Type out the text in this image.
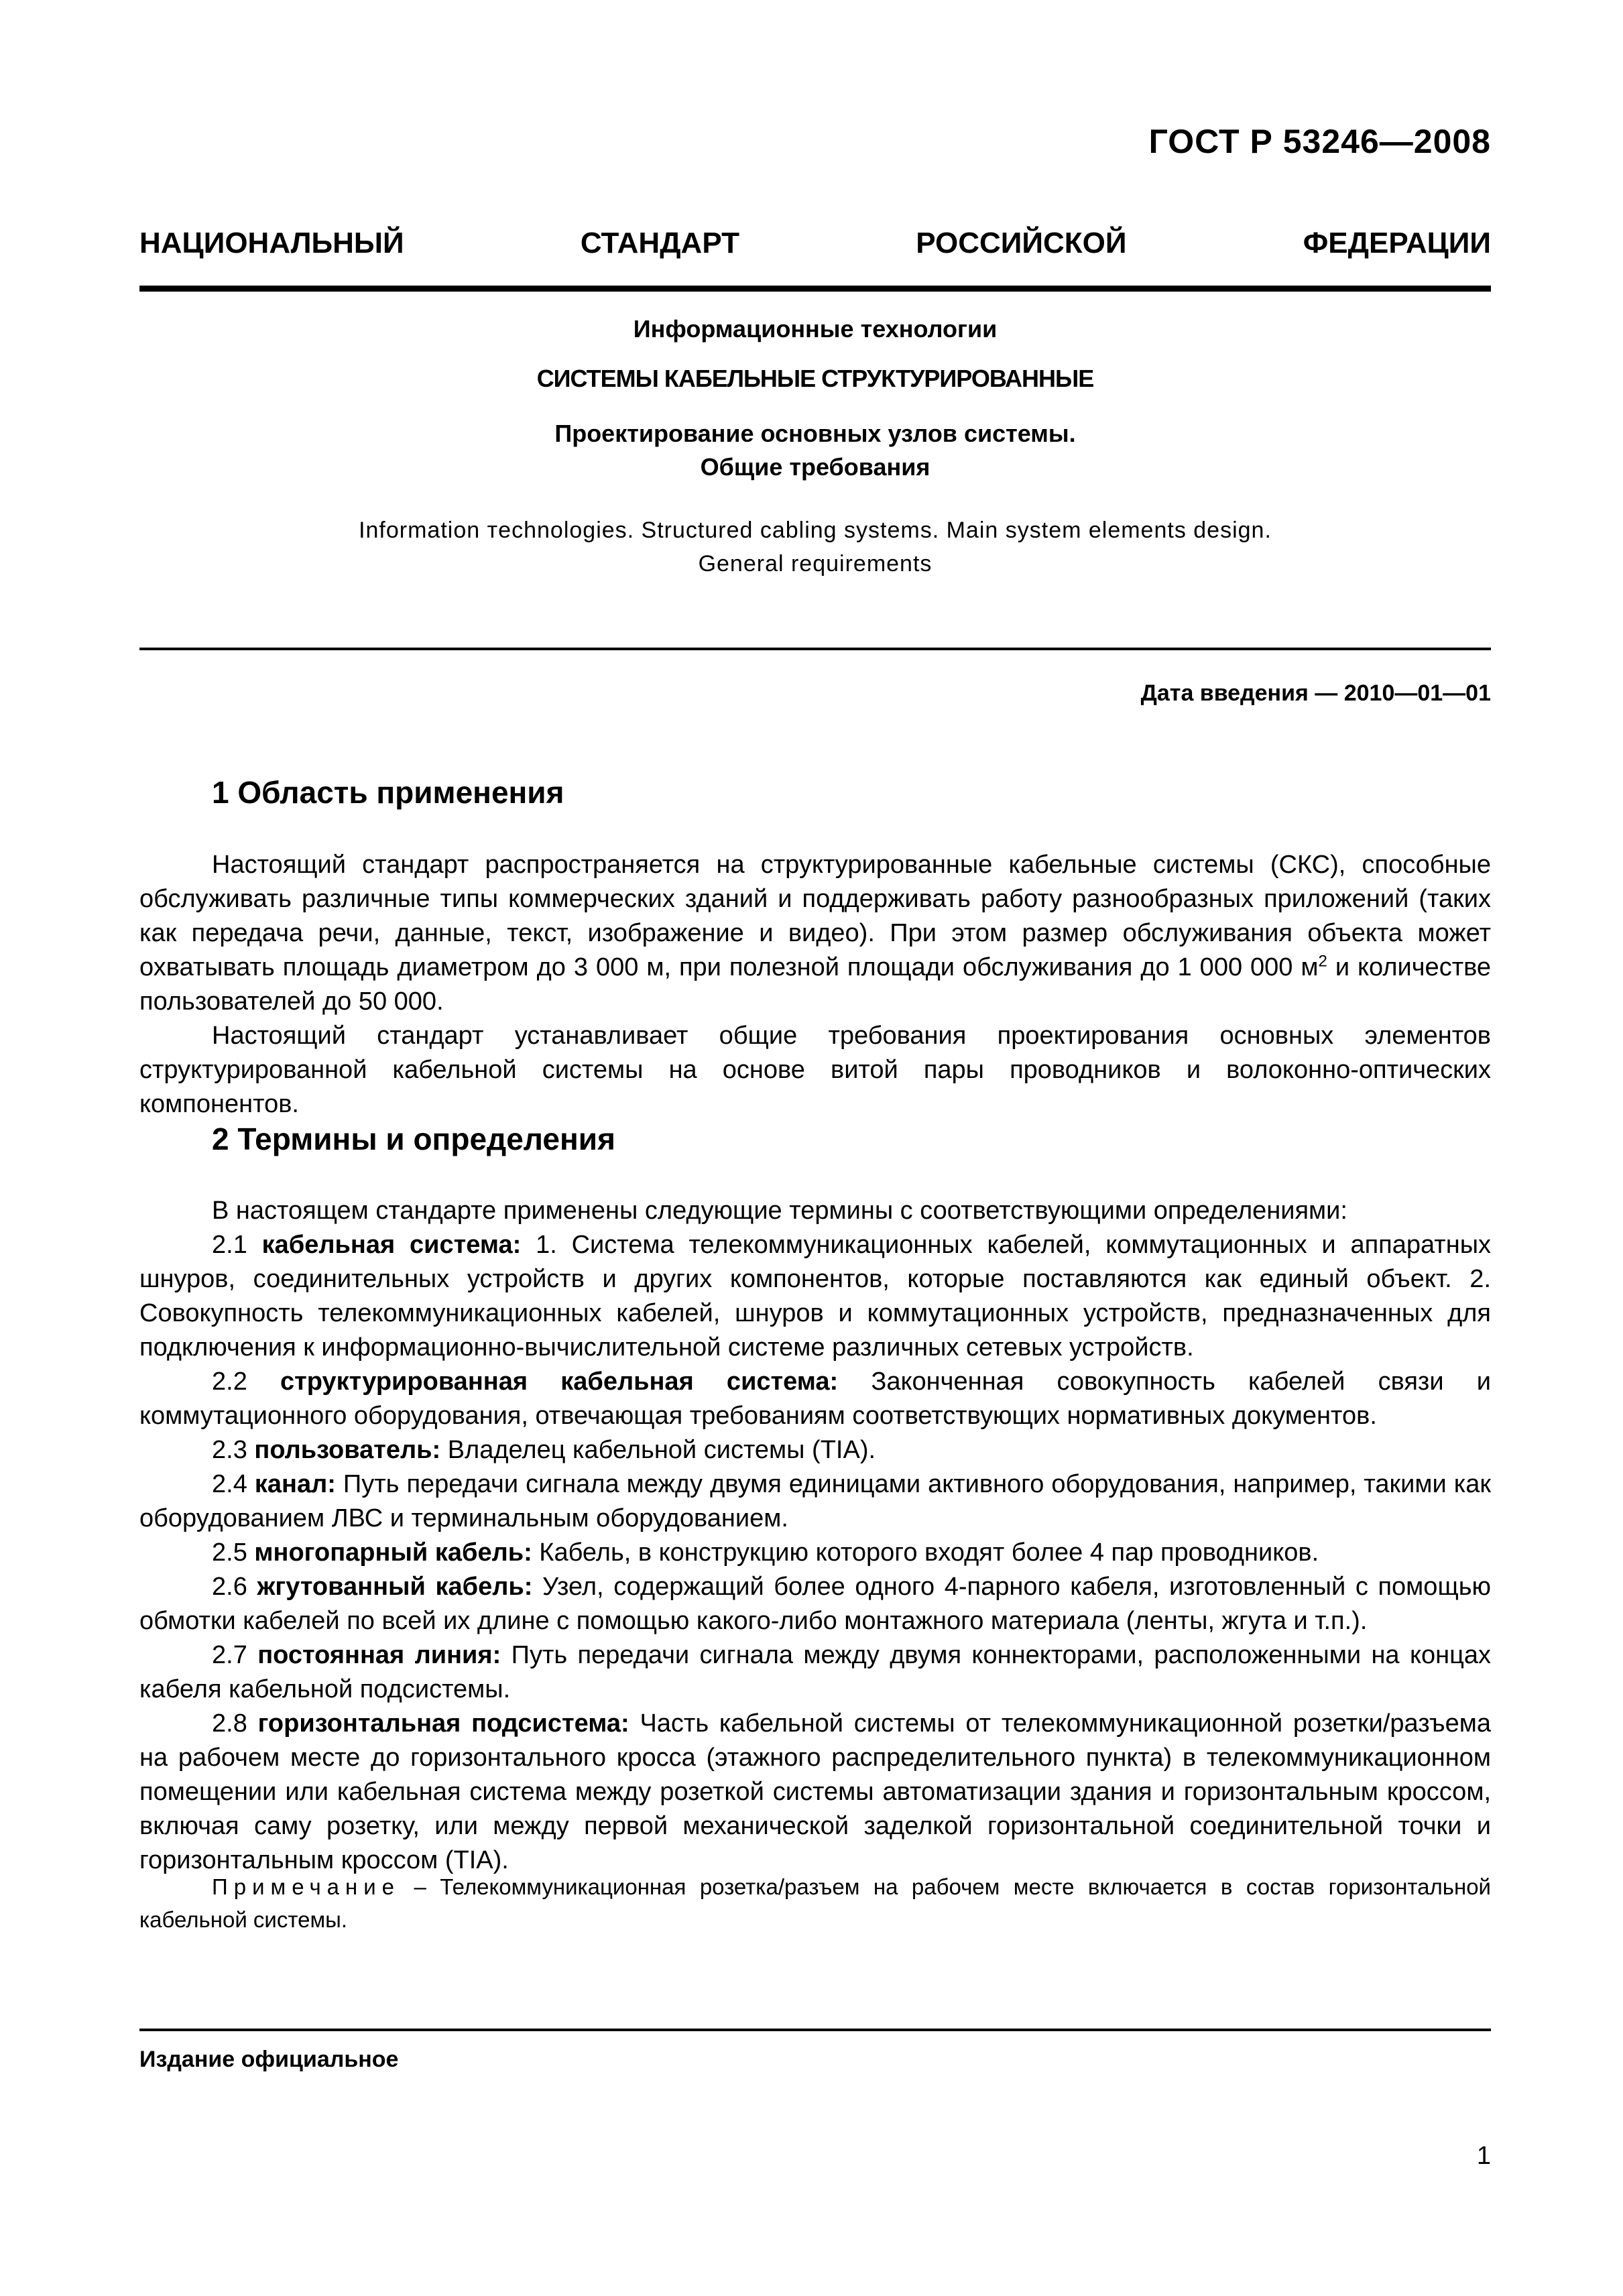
ГОСТ Р 53246—2008
НАЦИОНАЛЬНЫЙ СТАНДАРТ РОССИЙСКОЙ ФЕДЕРАЦИИ
Информационные технологии
СИСТЕМЫ КАБЕЛЬНЫЕ СТРУКТУРИРОВАННЫЕ
Проектирование основных узлов системы.
Общие требования
Information тechnologies. Structured cabling systems. Main system elements design.
General requirements
Дата введения — 2010—01—01
1 Область применения

Настоящий стандарт распространяется на структурированные кабельные системы (СКС), способные обслуживать различные типы коммерческих зданий и поддерживать работу разнообразных приложений (таких как передача речи, данные, текст, изображение и видео). При этом размер обслуживания объекта может охватывать площадь диаметром до 3 000 м, при полезной площади обслуживания до 1 000 000 $м^2$ и количестве пользователей до 50 000.

Настоящий стандарт устанавливает общие требования проектирования основных элементов структурированной кабельной системы на основе витой пары проводников и волоконно-оптических компонентов.

2 Термины и определения

В настоящем стандарте применены следующие термины с соответствующими определениями:

2.1 кабельная система: 1. Система телекоммуникационных кабелей, коммутационных и аппаратных шнуров, соединительных устройств и других компонентов, которые поставляются как единый объект. 2. Совокупность телекоммуникационных кабелей, шнуров и коммутационных устройств, предназначенных для подключения к информационно-вычислительной системе различных сетевых устройств.

2.2 структурированная кабельная система: Законченная совокупность кабелей связи и коммутационного оборудования, отвечающая требованиям соответствующих нормативных документов.

2.3 пользователь: Владелец кабельной системы (TIA).

2.4 канал: Путь передачи сигнала между двумя единицами активного оборудования, например, такими как оборудованием ЛВС и терминальным оборудованием.

2.5 многопарный кабель: Кабель, в конструкцию которого входят более 4 пар проводников.

2.6 жгутованный кабель: Узел, содержащий более одного 4-парного кабеля, изготовленный с помощью обмотки кабелей по всей их длине с помощью какого-либо монтажного материала (ленты, жгута и т.п.).

2.7 постоянная линия: Путь передачи сигнала между двумя коннекторами, расположенными на концах кабеля кабельной подсистемы.

2.8 горизонтальная подсистема: Часть кабельной системы от телекоммуникационной розетки/разъема на рабочем месте до горизонтального кросса (этажного распределительного пункта) в телекоммуникационном помещении или кабельная система между розеткой системы автоматизации здания и горизонтальным кроссом, включая саму розетку, или между первой механической заделкой горизонтальной соединительной точки и горизонтальным кроссом (TIA).

Примечание – Телекоммуникационная розетка/разъем на рабочем месте включается в состав горизонтальной кабельной системы.
Издание официальное
1
